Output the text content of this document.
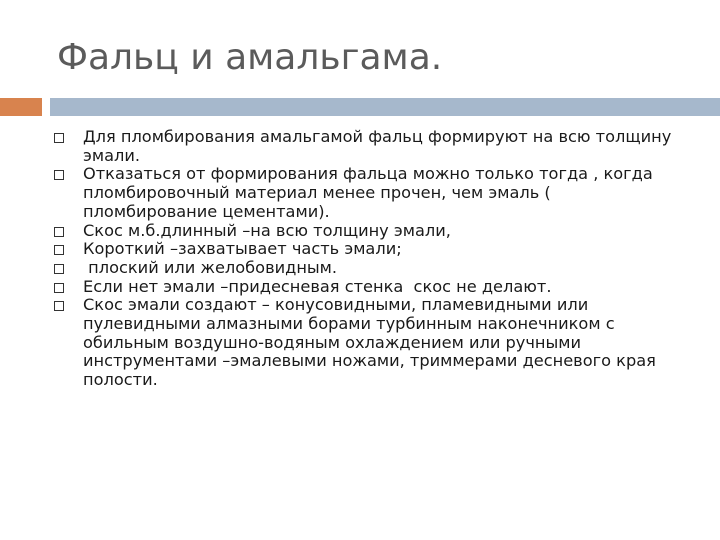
Фальц и амальгама.
Для пломбирования амальгамой фальц формируют на всю толщину эмали.
Отказаться от формирования фальца можно только тогда , когда пломбировочный материал менее прочен, чем эмаль ( пломбирование цементами).
Скос м.б.длинный –на всю толщину эмали,
Короткий –захватывает часть эмали;
плоский или желобовидным.
Если нет эмали –придесневая стенка  скос не делают.
Скос эмали создают – конусовидными, пламевидными или пулевидными алмазными борами турбинным наконечником с обильным воздушно-водяным охлаждением или ручными инструментами –эмалевыми ножами, триммерами десневого края полости.
